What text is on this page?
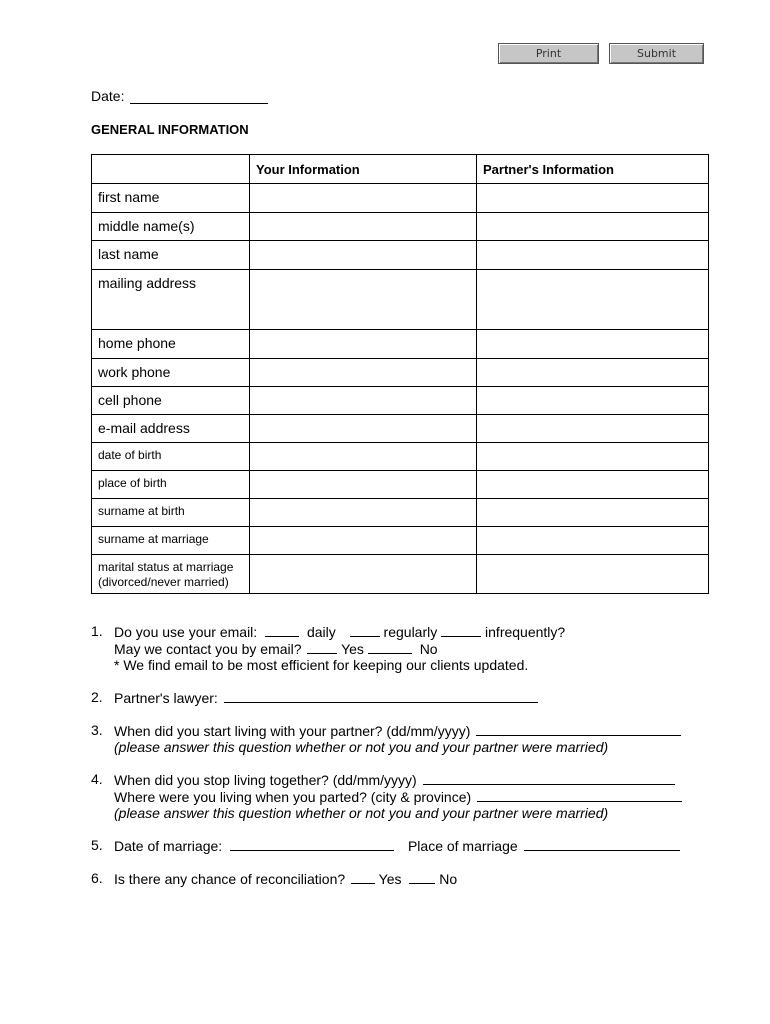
Print	Submit
Date:
GENERAL INFORMATION
	Your Information	Partner's Information
first name		
middle name(s)		
last name		
mailing address		
home phone		
work phone		
cell phone		
e-mail address		
date of birth		
place of birth		
surname at birth		
surname at marriage		
marital status at marriage (divorced/never married)		
1. Do you use your email:	daily	regularly	infrequently?
May we contact you by email?	Yes	No
* We find email to be most efficient for keeping our clients updated.
2. Partner's lawyer:
3. When did you start living with your partner? (dd/mm/yyyy)
(please answer this question whether or not you and your partner were married)
4. When did you stop living together? (dd/mm/yyyy)
Where were you living when you parted? (city & province)
(please answer this question whether or not you and your partner were married)
5. Date of marriage:	Place of marriage
6. Is there any chance of reconciliation? Yes	No
